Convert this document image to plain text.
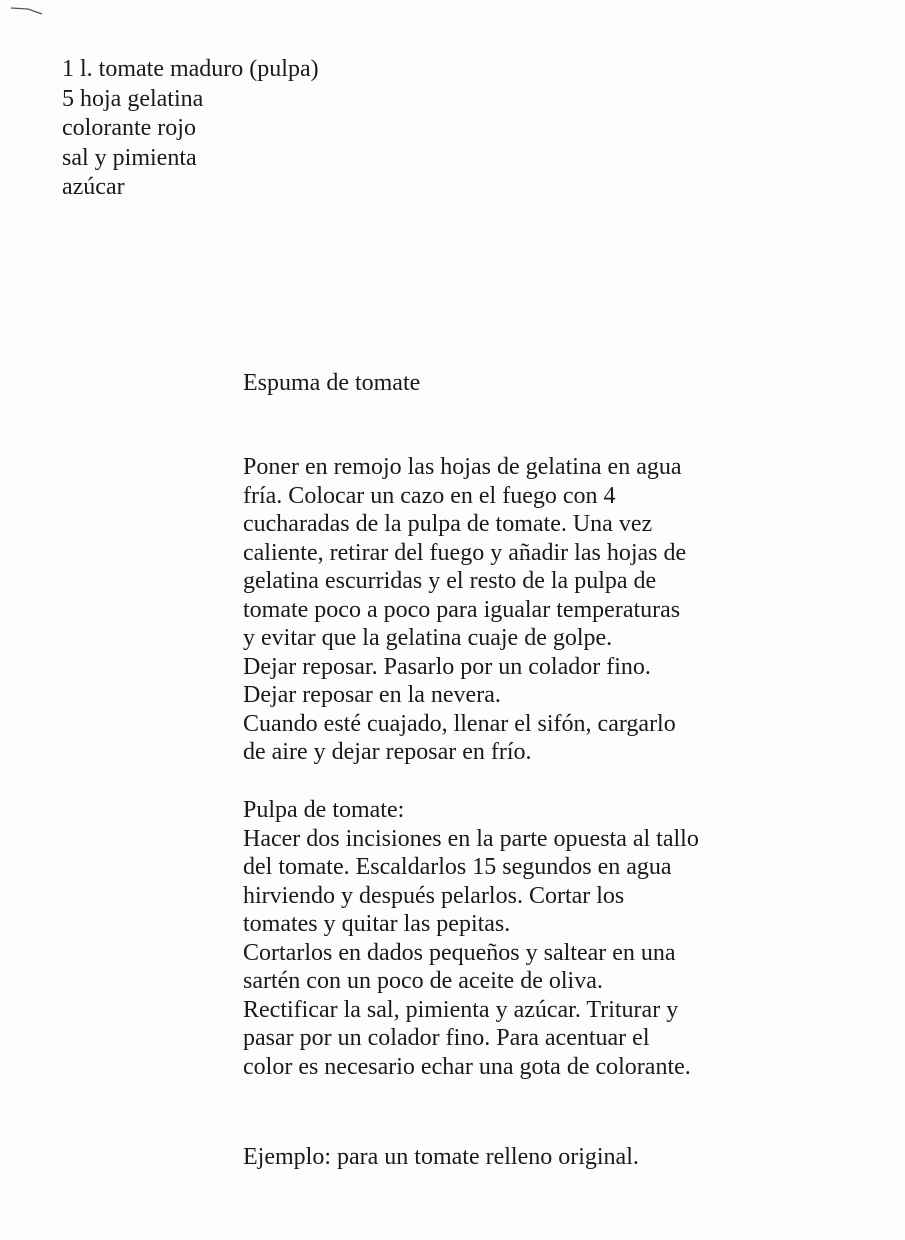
1 l. tomate maduro (pulpa)
5 hoja gelatina
colorante rojo
sal y pimienta
azúcar
Espuma de tomate
Poner en remojo las hojas de gelatina en agua
fría. Colocar un cazo en el fuego con 4
cucharadas de la pulpa de tomate. Una vez
caliente, retirar del fuego y añadir las hojas de
gelatina escurridas y el resto de la pulpa de
tomate poco a poco para igualar temperaturas
y evitar que la gelatina cuaje de golpe.
Dejar reposar. Pasarlo por un colador fino.
Dejar reposar en la nevera.
Cuando esté cuajado, llenar el sifón, cargarlo
de aire y dejar reposar en frío.
Pulpa de tomate:
Hacer dos incisiones en la parte opuesta al tallo
del tomate. Escaldarlos 15 segundos en agua
hirviendo y después pelarlos. Cortar los
tomates y quitar las pepitas.
Cortarlos en dados pequeños y saltear en una
sartén con un poco de aceite de oliva.
Rectificar la sal, pimienta y azúcar. Triturar y
pasar por un colador fino. Para acentuar el
color es necesario echar una gota de colorante.

Ejemplo: para un tomate relleno original.
